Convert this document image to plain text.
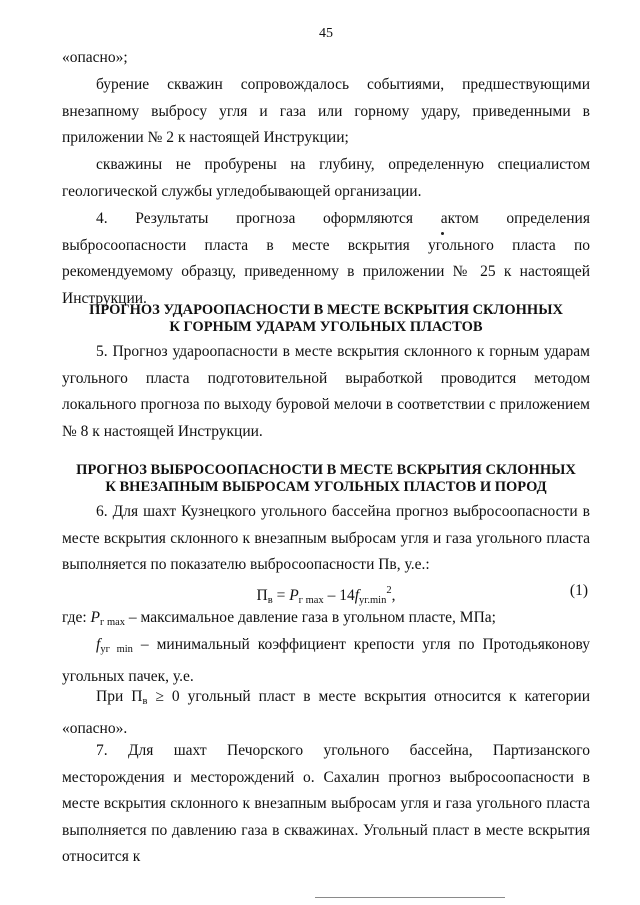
45

«опасно»;

бурение скважин сопровождалось событиями, предшествующими внезапному выбросу угля и газа или горному удару, приведенными в приложении № 2 к настоящей Инструкции;

скважины не пробурены на глубину, определенную специалистом геологической службы угледобывающей организации.

4. Результаты прогноза оформляются актом определения выбросоопасности пласта в месте вскрытия угольного пласта по рекомендуемому образцу, приведенному в приложении № 25 к настоящей Инструкции.

ПРОГНОЗ УДАРООПАСНОСТИ В МЕСТЕ ВСКРЫТИЯ СКЛОННЫХ
К ГОРНЫМ УДАРАМ УГОЛЬНЫХ ПЛАСТОВ

5. Прогноз удароопасности в месте вскрытия склонного к горным ударам угольного пласта подготовительной выработкой проводится методом локального прогноза по выходу буровой мелочи в соответствии с приложением № 8 к настоящей Инструкции.

ПРОГНОЗ ВЫБРОСООПАСНОСТИ В МЕСТЕ ВСКРЫТИЯ СКЛОННЫХ
К ВНЕЗАПНЫМ ВЫБРОСАМ УГОЛЬНЫХ ПЛАСТОВ И ПОРОД

6. Для шахт Кузнецкого угольного бассейна прогноз выбросоопасности в месте вскрытия склонного к внезапным выбросам угля и газа угольного пласта выполняется по показателю выбросоопасности Пв, у.е.:

$П_в = P_{г max} - 14f_{уг.min}^2$,	(1)

где: $P_{г max}$ – максимальное давление газа в угольном пласте, МПа;

$f_{уг min}$ – минимальный коэффициент крепости угля по Протодьяконову угольных пачек, у.е.

При $П_в \ge 0$ угольный пласт в месте вскрытия относится к категории «опасно».

7. Для шахт Печорского угольного бассейна, Партизанского месторождения и месторождений о. Сахалин прогноз выбросоопасности в месте вскрытия склонного к внезапным выбросам угля и газа угольного пласта выполняется по давлению газа в скважинах. Угольный пласт в месте вскрытия относится к
